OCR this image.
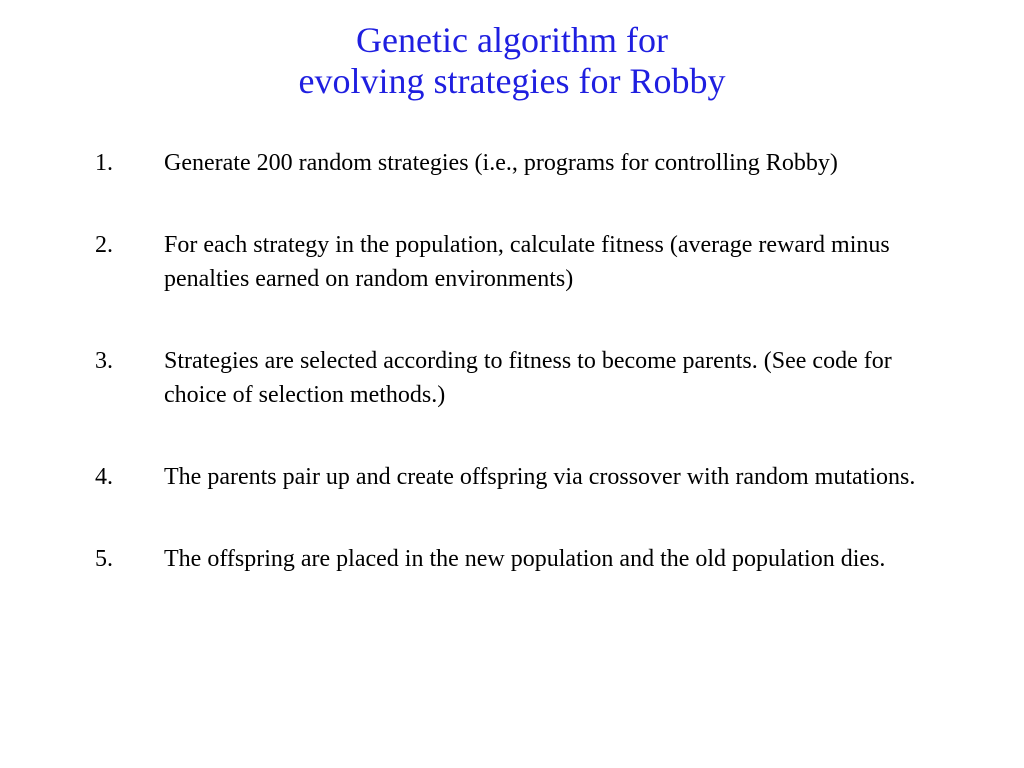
Genetic algorithm for
evolving strategies for Robby
1. Generate 200 random strategies (i.e., programs for controlling Robby)
2. For each strategy in the population, calculate fitness (average reward minus penalties earned on random environments)
3. Strategies are selected according to fitness to become parents. (See code for choice of selection methods.)
4. The parents pair up and create offspring via crossover with random mutations.
5. The offspring are placed in the new population and the old population dies.
